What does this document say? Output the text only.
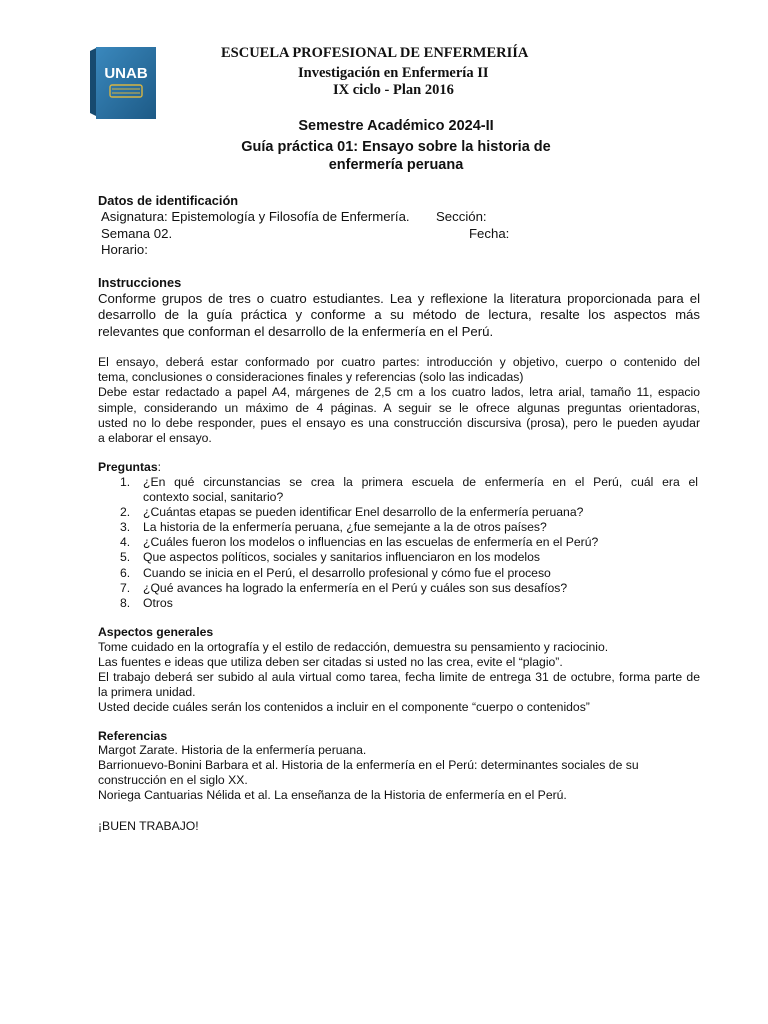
UNAB
ESCUELA PROFESIONAL DE ENFERMERIÍA
Investigación en Enfermería II
IX ciclo - Plan 2016
Semestre Académico 2024-II
Guía práctica 01: Ensayo sobre la historia de
enfermería peruana
Datos de identificación
Asignatura: Epistemología y Filosofía de Enfermería. Sección:
Semana 02.	Fecha:
Horario:
Instrucciones
Conforme grupos de tres o cuatro estudiantes. Lea y reflexione la literatura proporcionada para el
desarrollo de la guía práctica y conforme a su método de lectura, resalte los aspectos más
relevantes que conforman el desarrollo de la enfermería en el Perú.
El ensayo, deberá estar conformado por cuatro partes: introducción y objetivo, cuerpo o contenido del
tema, conclusiones o consideraciones finales y referencias (solo las indicadas)
Debe estar redactado a papel A4, márgenes de 2,5 cm a los cuatro lados, letra arial, tamaño 11, espacio
simple, considerando un máximo de 4 páginas. A seguir se le ofrece algunas preguntas orientadoras,
usted no lo debe responder, pues el ensayo es una construcción discursiva (prosa), pero le pueden ayudar
a elaborar el ensayo.
Preguntas:
1. ¿En qué circunstancias se crea la primera escuela de enfermería en el Perú, cuál era el
contexto social, sanitario?
2. ¿Cuántas etapas se pueden identificar Enel desarrollo de la enfermería peruana?
3. La historia de la enfermería peruana, ¿fue semejante a la de otros países?
4. ¿Cuáles fueron los modelos o influencias en las escuelas de enfermería en el Perú?
5. Que aspectos políticos, sociales y sanitarios influenciaron en los modelos
6. Cuando se inicia en el Perú, el desarrollo profesional y cómo fue el proceso
7. ¿Qué avances ha logrado la enfermería en el Perú y cuáles son sus desafíos?
8. Otros
Aspectos generales
Tome cuidado en la ortografía y el estilo de redacción, demuestra su pensamiento y raciocinio.
Las fuentes e ideas que utiliza deben ser citadas si usted no las crea, evite el “plagio”.
El trabajo deberá ser subido al aula virtual como tarea, fecha limite de entrega 31 de octubre, forma parte de
la primera unidad.
Usted decide cuáles serán los contenidos a incluir en el componente “cuerpo o contenidos”
Referencias
Margot Zarate. Historia de la enfermería peruana.
Barrionuevo-Bonini Barbara et al. Historia de la enfermería en el Perú: determinantes sociales de su
construcción en el siglo XX.
Noriega Cantuarias Nélida et al. La enseñanza de la Historia de enfermería en el Perú.
¡BUEN TRABAJO!
